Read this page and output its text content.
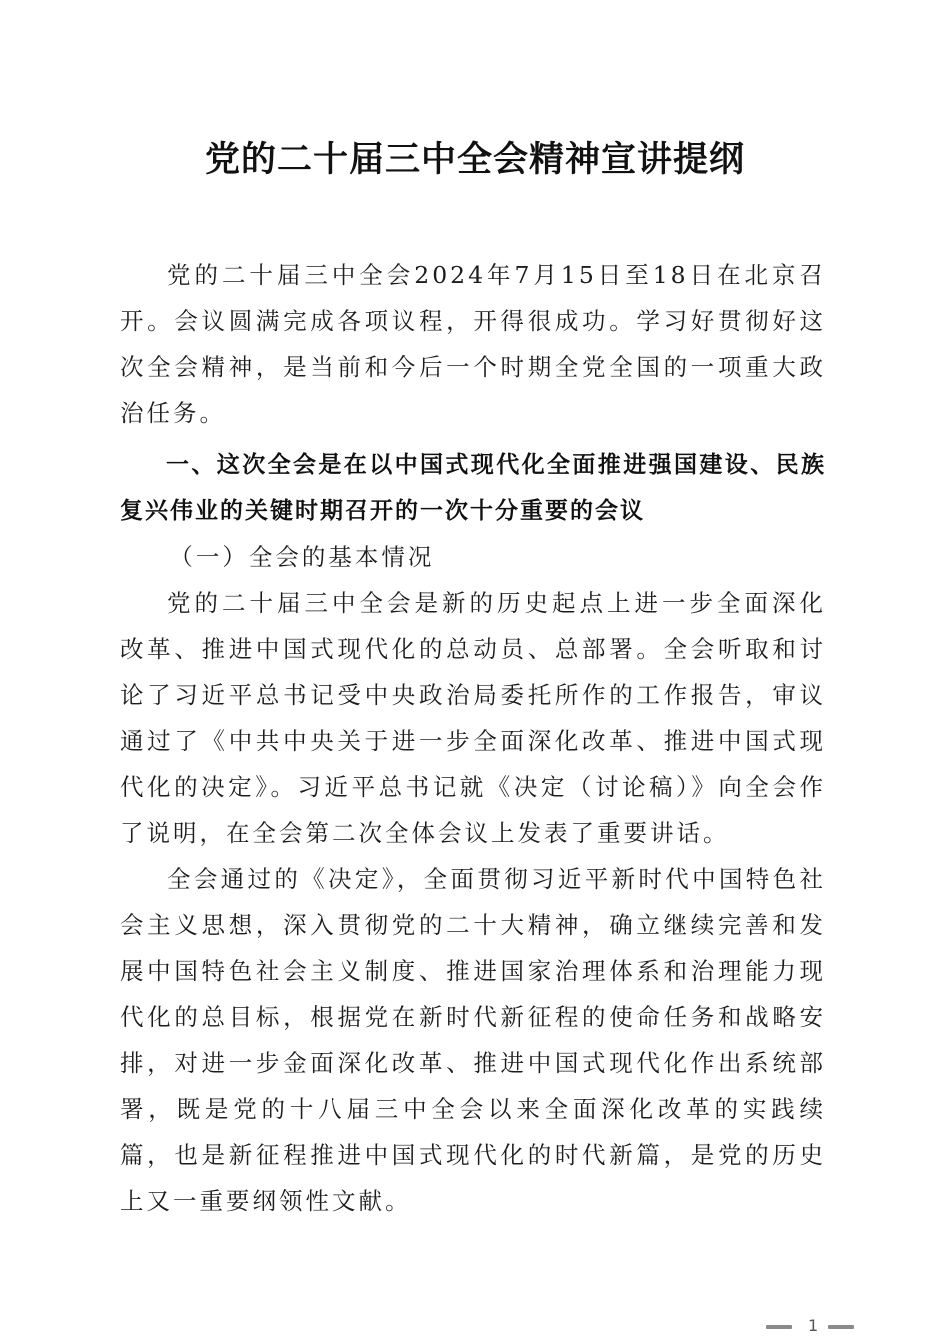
党的二十届三中全会精神宣讲提纲

党的二十届三中全会2024年7月15日至18日在北京召开。会议圆满完成各项议程，开得很成功。学习好贯彻好这次全会精神，是当前和今后一个时期全党全国的一项重大政治任务。

一、这次全会是在以中国式现代化全面推进强国建设、民族复兴伟业的关键时期召开的一次十分重要的会议

（一）全会的基本情况

党的二十届三中全会是新的历史起点上进一步全面深化改革、推进中国式现代化的总动员、总部署。全会听取和讨论了习近平总书记受中央政治局委托所作的工作报告，审议通过了《中共中央关于进一步全面深化改革、推进中国式现代化的决定》。习近平总书记就《决定（讨论稿）》向全会作了说明，在全会第二次全体会议上发表了重要讲话。

全会通过的《决定》，全面贯彻习近平新时代中国特色社会主义思想，深入贯彻党的二十大精神，确立继续完善和发展中国特色社会主义制度、推进国家治理体系和治理能力现代化的总目标，根据党在新时代新征程的使命任务和战略安排，对进一步金面深化改革、推进中国式现代化作出系统部署，既是党的十八届三中全会以来全面深化改革的实践续篇，也是新征程推进中国式现代化的时代新篇，是党的历史上又一重要纲领性文献。

1
